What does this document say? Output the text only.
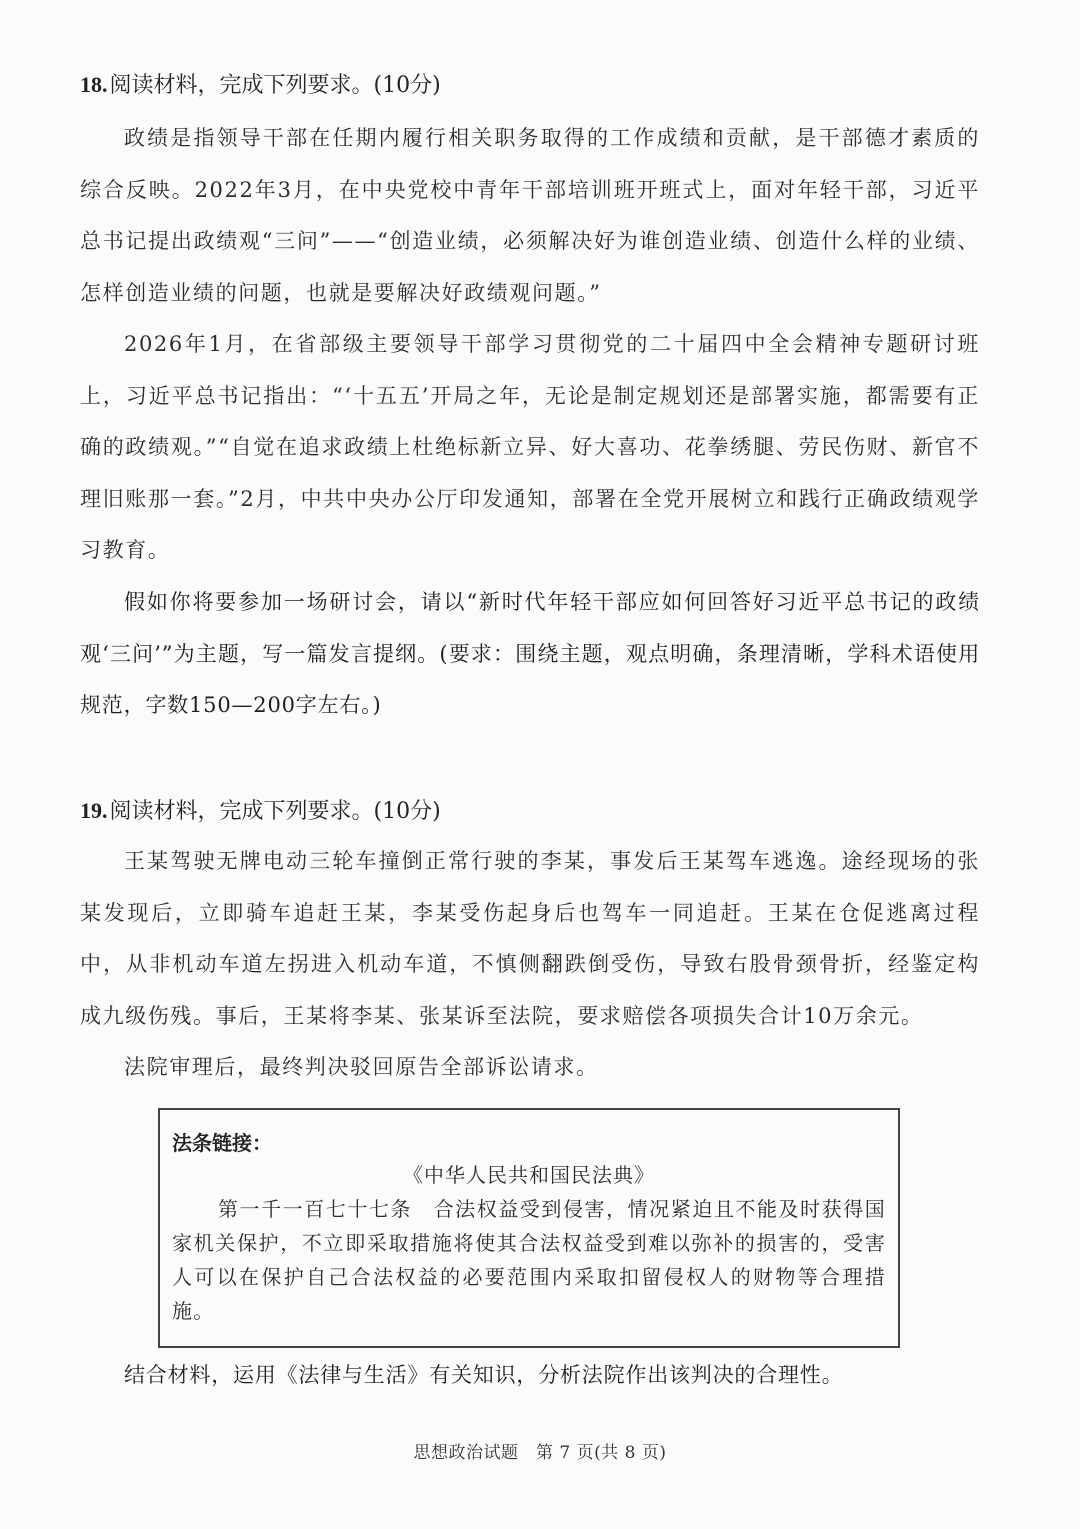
18.阅读材料，完成下列要求。(10分)
政绩是指领导干部在任期内履行相关职务取得的工作成绩和贡献，是干部德才素质的综合反映。2022年3月，在中央党校中青年干部培训班开班式上，面对年轻干部，习近平总书记提出政绩观“三问”——“创造业绩，必须解决好为谁创造业绩、创造什么样的业绩、怎样创造业绩的问题，也就是要解决好政绩观问题。”
2026年1月，在省部级主要领导干部学习贯彻党的二十届四中全会精神专题研讨班上，习近平总书记指出：“‘十五五’开局之年，无论是制定规划还是部署实施，都需要有正确的政绩观。”“自觉在追求政绩上杜绝标新立异、好大喜功、花拳绣腿、劳民伤财、新官不理旧账那一套。”2月，中共中央办公厅印发通知，部署在全党开展树立和践行正确政绩观学习教育。
假如你将要参加一场研讨会，请以“新时代年轻干部应如何回答好习近平总书记的政绩观‘三问’”为主题，写一篇发言提纲。(要求：围绕主题，观点明确，条理清晰，学科术语使用规范，字数150—200字左右。)
19.阅读材料，完成下列要求。(10分)
王某驾驶无牌电动三轮车撞倒正常行驶的李某，事发后王某驾车逃逸。途经现场的张某发现后，立即骑车追赶王某，李某受伤起身后也驾车一同追赶。王某在仓促逃离过程中，从非机动车道左拐进入机动车道，不慎侧翻跌倒受伤，导致右股骨颈骨折，经鉴定构成九级伤残。事后，王某将李某、张某诉至法院，要求赔偿各项损失合计10万余元。
法院审理后，最终判决驳回原告全部诉讼请求。
法条链接：
《中华人民共和国民法典》
第一千一百七十七条　合法权益受到侵害，情况紧迫且不能及时获得国家机关保护，不立即采取措施将使其合法权益受到难以弥补的损害的，受害人可以在保护自己合法权益的必要范围内采取扣留侵权人的财物等合理措施。
结合材料，运用《法律与生活》有关知识，分析法院作出该判决的合理性。
思想政治试题　第 7 页(共 8 页)
